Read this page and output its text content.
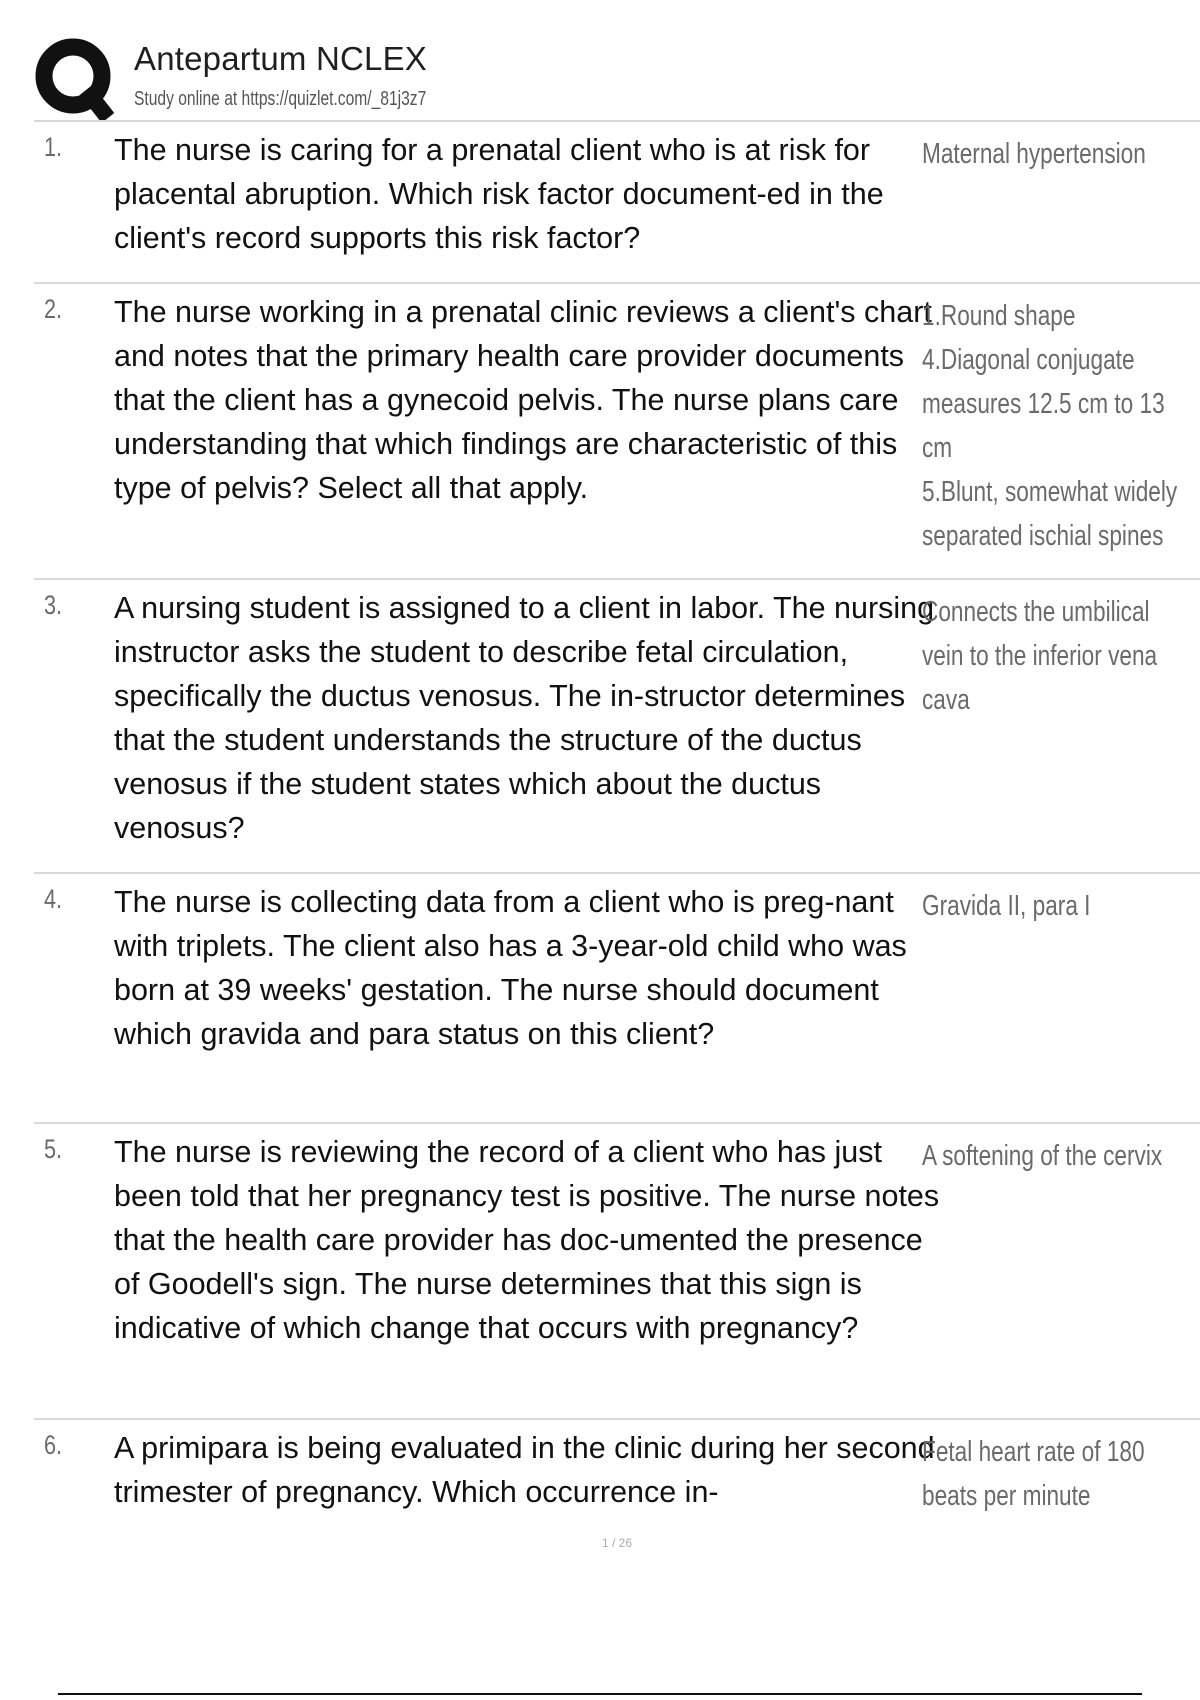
Antepartum NCLEX
Study online at https://quizlet.com/_81j3z7
1. The nurse is caring for a prenatal client who is at risk for placental abruption. Which risk factor document-ed in the client's record supports this risk factor?
Maternal hypertension
2. The nurse working in a prenatal clinic reviews a client's chart and notes that the primary health care provider documents that the client has a gynecoid pelvis. The nurse plans care understanding that which findings are characteristic of this type of pelvis? Select all that apply.
1.Round shape
4.Diagonal conjugate
measures 12.5 cm to 13
cm
5.Blunt, somewhat widely
separated ischial spines
3. A nursing student is assigned to a client in labor. The nursing instructor asks the student to describe fetal circulation, specifically the ductus venosus. The in-structor determines that the student understands the structure of the ductus venosus if the student states which about the ductus venosus?
Connects the umbilical
vein to the inferior vena
cava
4. The nurse is collecting data from a client who is preg-nant with triplets. The client also has a 3-year-old child who was born at 39 weeks' gestation. The nurse should document which gravida and para status on this client?
Gravida II, para I
5. The nurse is reviewing the record of a client who has just been told that her pregnancy test is positive. The nurse notes that the health care provider has doc-umented the presence of Goodell's sign. The nurse determines that this sign is indicative of which change that occurs with pregnancy?
A softening of the cervix
6. A primipara is being evaluated in the clinic during her second trimester of pregnancy. Which occurrence in-
Fetal heart rate of 180
beats per minute
1 / 26
